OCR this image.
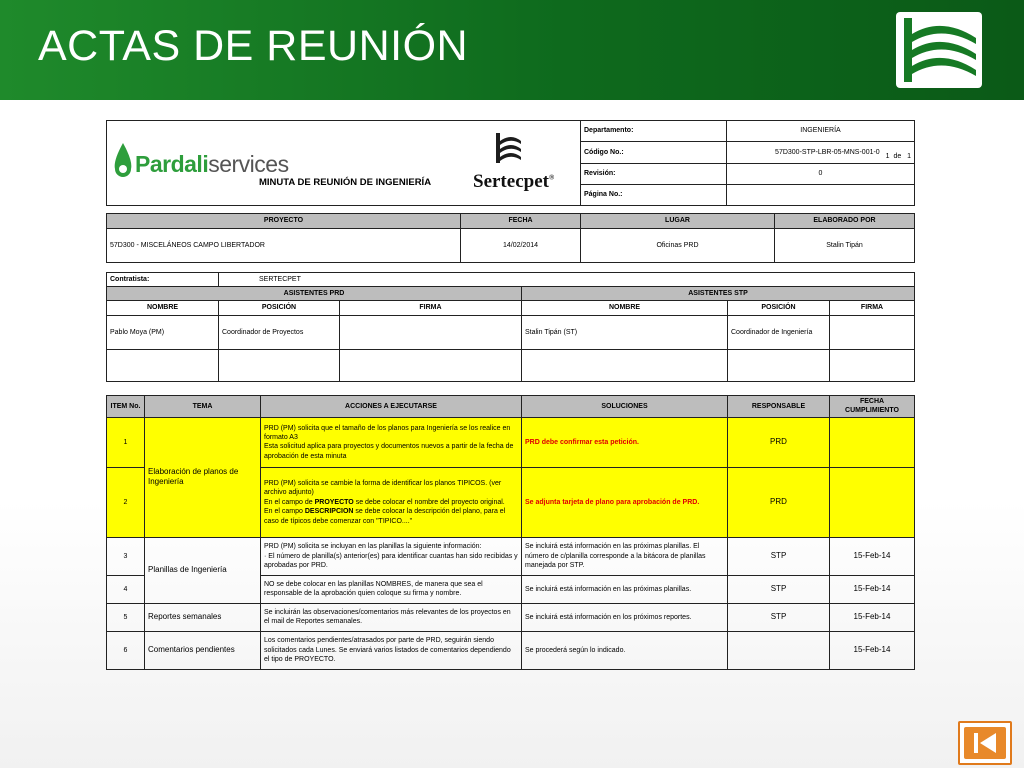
ACTAS DE REUNIÓN
Pardaliservices
MINUTA DE REUNIÓN DE INGENIERÍA Sertecpet®	Departamento:	INGENIERÍA
	Código No.:	57D300-STP-LBR-05-MNS-001-0 1 de 1
	Revisión:	0
	Página No.:	
PROYECTO	FECHA	LUGAR	ELABORADO POR
57D300 - MISCELÁNEOS CAMPO LIBERTADOR	14/02/2014	Oficinas PRD	Stalin Tipán
Contratista:	SERTECPET				
ASISTENTES PRD			ASISTENTES STP		
NOMBRE	POSICIÓN	FIRMA	NOMBRE	POSICIÓN	FIRMA
Pablo Moya (PM)	Coordinador de Proyectos		Stalin Tipán (ST)	Coordinador de Ingeniería	

ITEM No.	TEMA	ACCIONES A EJECUTARSE	SOLUCIONES	RESPONSABLE	FECHA CUMPLIMIENTO
1	Elaboración de planos de Ingeniería	PRD (PM) solicita que el tamaño de los planos para Ingeniería se los realice en formato A3
Esta solicitud aplica para proyectos y documentos nuevos a partir de la fecha de aprobación de esta minuta	PRD debe confirmar esta petición.	PRD	
2		PRD (PM) solicita se cambie la forma de identificar los planos TIPICOS. (ver archivo adjunto)
En el campo de PROYECTO se debe colocar el nombre del proyecto original.
En el campo DESCRIPCION se debe colocar la descripción del plano, para el caso de típicos debe comenzar con "TIPICO...."	Se adjunta tarjeta de plano para aprobación de PRD.	PRD	
3	Planillas de Ingeniería	PRD (PM) solicita se incluyan en las planillas la siguiente información:
· El número de planilla(s) anterior(es) para identificar cuantas han sido recibidas y aprobadas por PRD.	Se incluirá está información en las próximas planillas. El número de c/planilla corresponde a la bitácora de planillas manejada por STP.	STP	15-Feb-14
4		NO se debe colocar en las planillas NOMBRES, de manera que sea el responsable de la aprobación quien coloque su firma y nombre.	Se incluirá está información en las próximas planillas.	STP	15-Feb-14
5	Reportes semanales	Se incluirán las observaciones/comentarios más relevantes de los proyectos en el mail de Reportes semanales.	Se incluirá está información en los próximos reportes.	STP	15-Feb-14
6	Comentarios pendientes	Los comentarios pendientes/atrasados por parte de PRD, seguirán siendo solicitados cada Lunes. Se enviará varios listados de comentarios dependiendo el tipo de PROYECTO.	Se procederá según lo indicado.		15-Feb-14
